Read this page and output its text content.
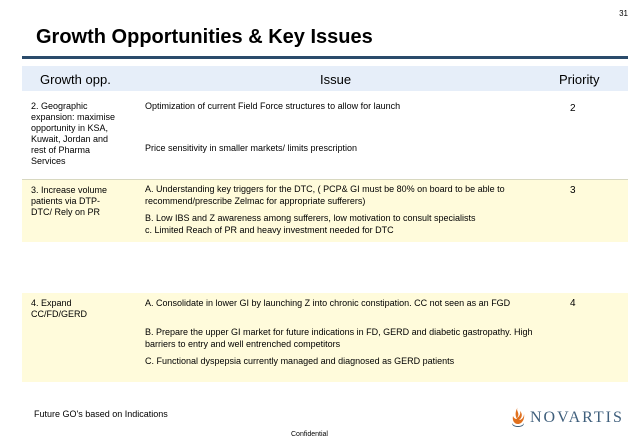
31
Growth Opportunities & Key Issues
Growth opp.	Issue	Priority
2. Geographic expansion: maximise opportunity in KSA, Kuwait, Jordan and rest of Pharma Services
Optimization of current Field Force structures to allow for launch
Price sensitivity in smaller markets/ limits prescription
2
3. Increase volume patients via DTP-DTC/ Rely on PR
A. Understanding key triggers for the DTC, ( PCP& GI must be 80% on board to be able to recommend/prescribe Zelmac for appropriate sufferers)
B. Low IBS and Z awareness among sufferers, low motivation to consult specialists
c. Limited Reach of PR and heavy investment needed for DTC
3
4. Expand CC/FD/GERD
A. Consolidate in lower GI by launching Z into chronic constipation. CC not seen as an FGD
B. Prepare the upper GI market for future indications in FD, GERD and diabetic gastropathy. High barriers to entry and well entrenched competitors
C. Functional dyspepsia currently managed and diagnosed as GERD patients
4
Future GO's based on Indications
Confidential
NOVARTIS
